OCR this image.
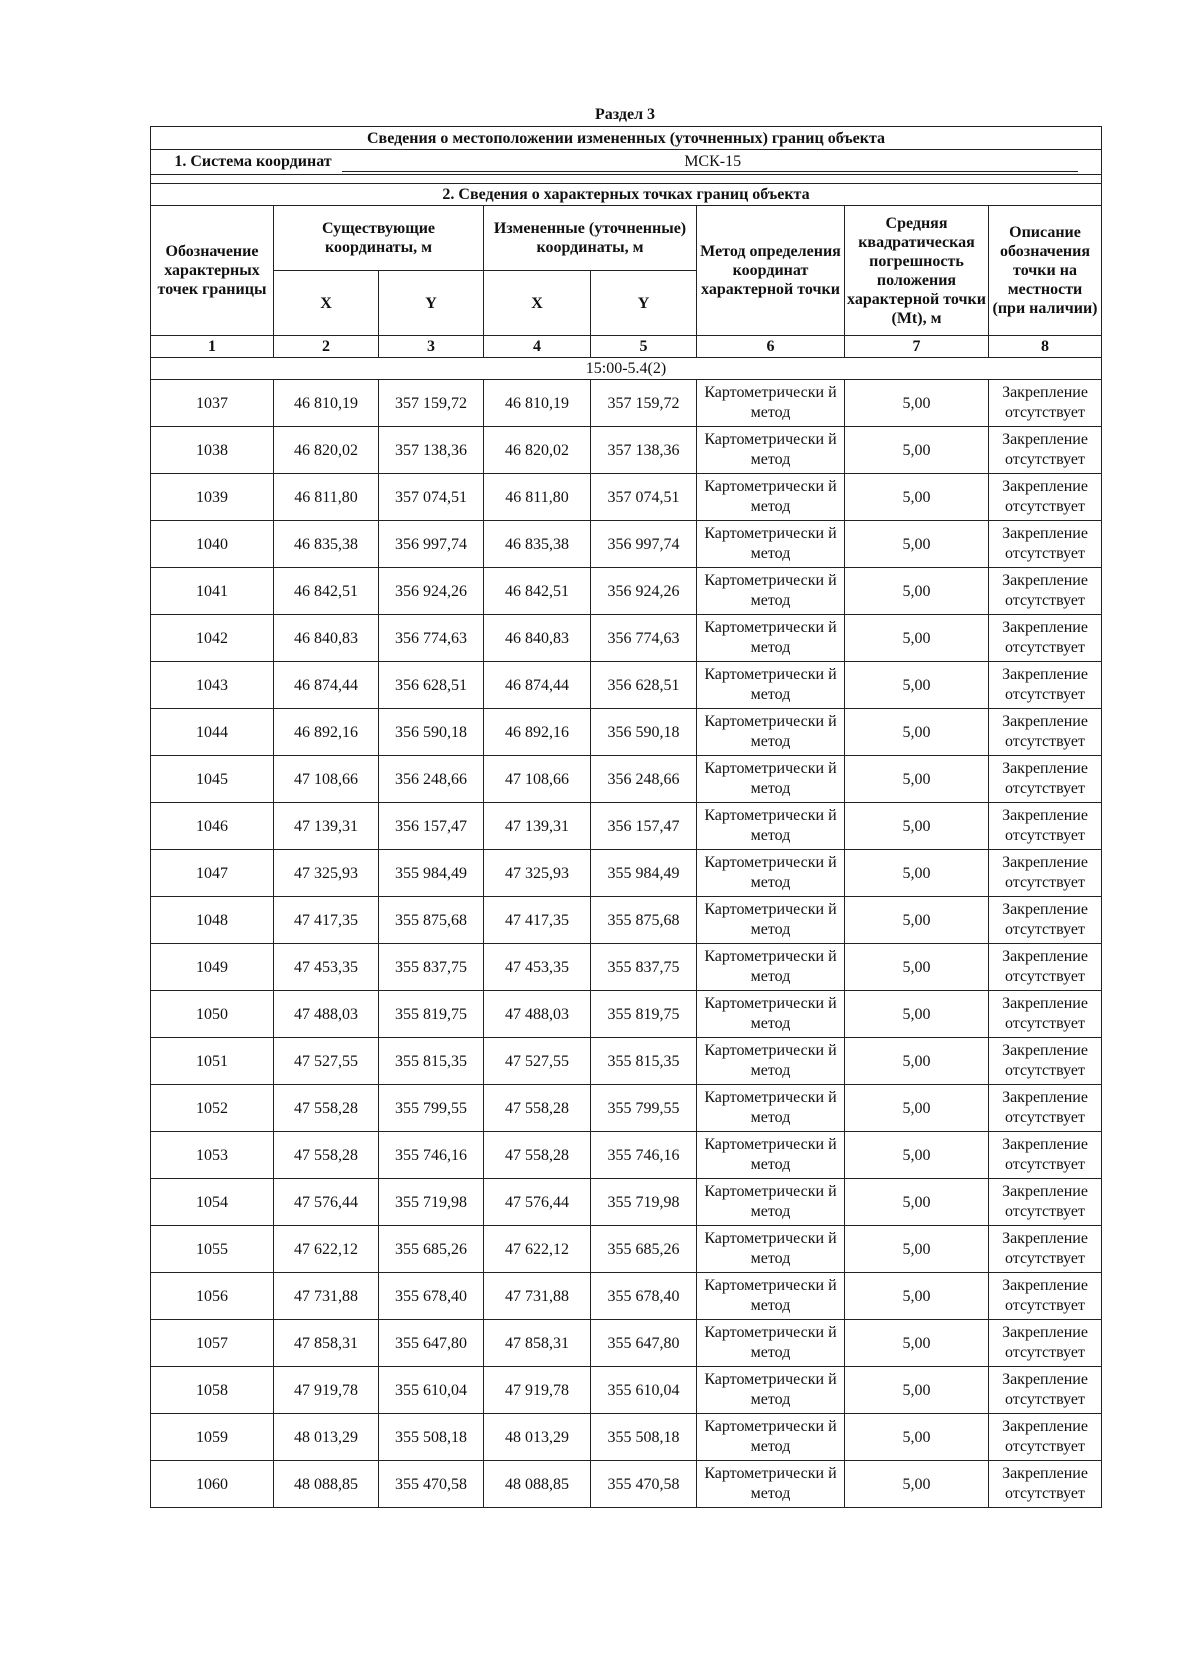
Раздел 3
Сведения о местоположении измененных (уточненных) границ объекта							
1. Система координат МСК-15							

2. Сведения о характерных точках границ объекта							
Обозначение характерных точек границы	Существующие координаты, м		Измененные (уточненные) координаты, м		Метод определения координат характерной точки	Средняя квадратическая погрешность положения характерной точки (Mt), м	Описание обозначения точки на местности (при наличии)
	X	Y	X	Y			
1	2	3	4	5	6	7	8
15:00-5.4(2)							
1037	46 810,19	357 159,72	46 810,19	357 159,72	Картометрически й метод	5,00	Закрепление отсутствует
1038	46 820,02	357 138,36	46 820,02	357 138,36	Картометрически й метод	5,00	Закрепление отсутствует
1039	46 811,80	357 074,51	46 811,80	357 074,51	Картометрически й метод	5,00	Закрепление отсутствует
1040	46 835,38	356 997,74	46 835,38	356 997,74	Картометрически й метод	5,00	Закрепление отсутствует
1041	46 842,51	356 924,26	46 842,51	356 924,26	Картометрически й метод	5,00	Закрепление отсутствует
1042	46 840,83	356 774,63	46 840,83	356 774,63	Картометрически й метод	5,00	Закрепление отсутствует
1043	46 874,44	356 628,51	46 874,44	356 628,51	Картометрически й метод	5,00	Закрепление отсутствует
1044	46 892,16	356 590,18	46 892,16	356 590,18	Картометрически й метод	5,00	Закрепление отсутствует
1045	47 108,66	356 248,66	47 108,66	356 248,66	Картометрически й метод	5,00	Закрепление отсутствует
1046	47 139,31	356 157,47	47 139,31	356 157,47	Картометрически й метод	5,00	Закрепление отсутствует
1047	47 325,93	355 984,49	47 325,93	355 984,49	Картометрически й метод	5,00	Закрепление отсутствует
1048	47 417,35	355 875,68	47 417,35	355 875,68	Картометрически й метод	5,00	Закрепление отсутствует
1049	47 453,35	355 837,75	47 453,35	355 837,75	Картометрически й метод	5,00	Закрепление отсутствует
1050	47 488,03	355 819,75	47 488,03	355 819,75	Картометрически й метод	5,00	Закрепление отсутствует
1051	47 527,55	355 815,35	47 527,55	355 815,35	Картометрически й метод	5,00	Закрепление отсутствует
1052	47 558,28	355 799,55	47 558,28	355 799,55	Картометрически й метод	5,00	Закрепление отсутствует
1053	47 558,28	355 746,16	47 558,28	355 746,16	Картометрически й метод	5,00	Закрепление отсутствует
1054	47 576,44	355 719,98	47 576,44	355 719,98	Картометрически й метод	5,00	Закрепление отсутствует
1055	47 622,12	355 685,26	47 622,12	355 685,26	Картометрически й метод	5,00	Закрепление отсутствует
1056	47 731,88	355 678,40	47 731,88	355 678,40	Картометрически й метод	5,00	Закрепление отсутствует
1057	47 858,31	355 647,80	47 858,31	355 647,80	Картометрически й метод	5,00	Закрепление отсутствует
1058	47 919,78	355 610,04	47 919,78	355 610,04	Картометрически й метод	5,00	Закрепление отсутствует
1059	48 013,29	355 508,18	48 013,29	355 508,18	Картометрически й метод	5,00	Закрепление отсутствует
1060	48 088,85	355 470,58	48 088,85	355 470,58	Картометрически й метод	5,00	Закрепление отсутствует
